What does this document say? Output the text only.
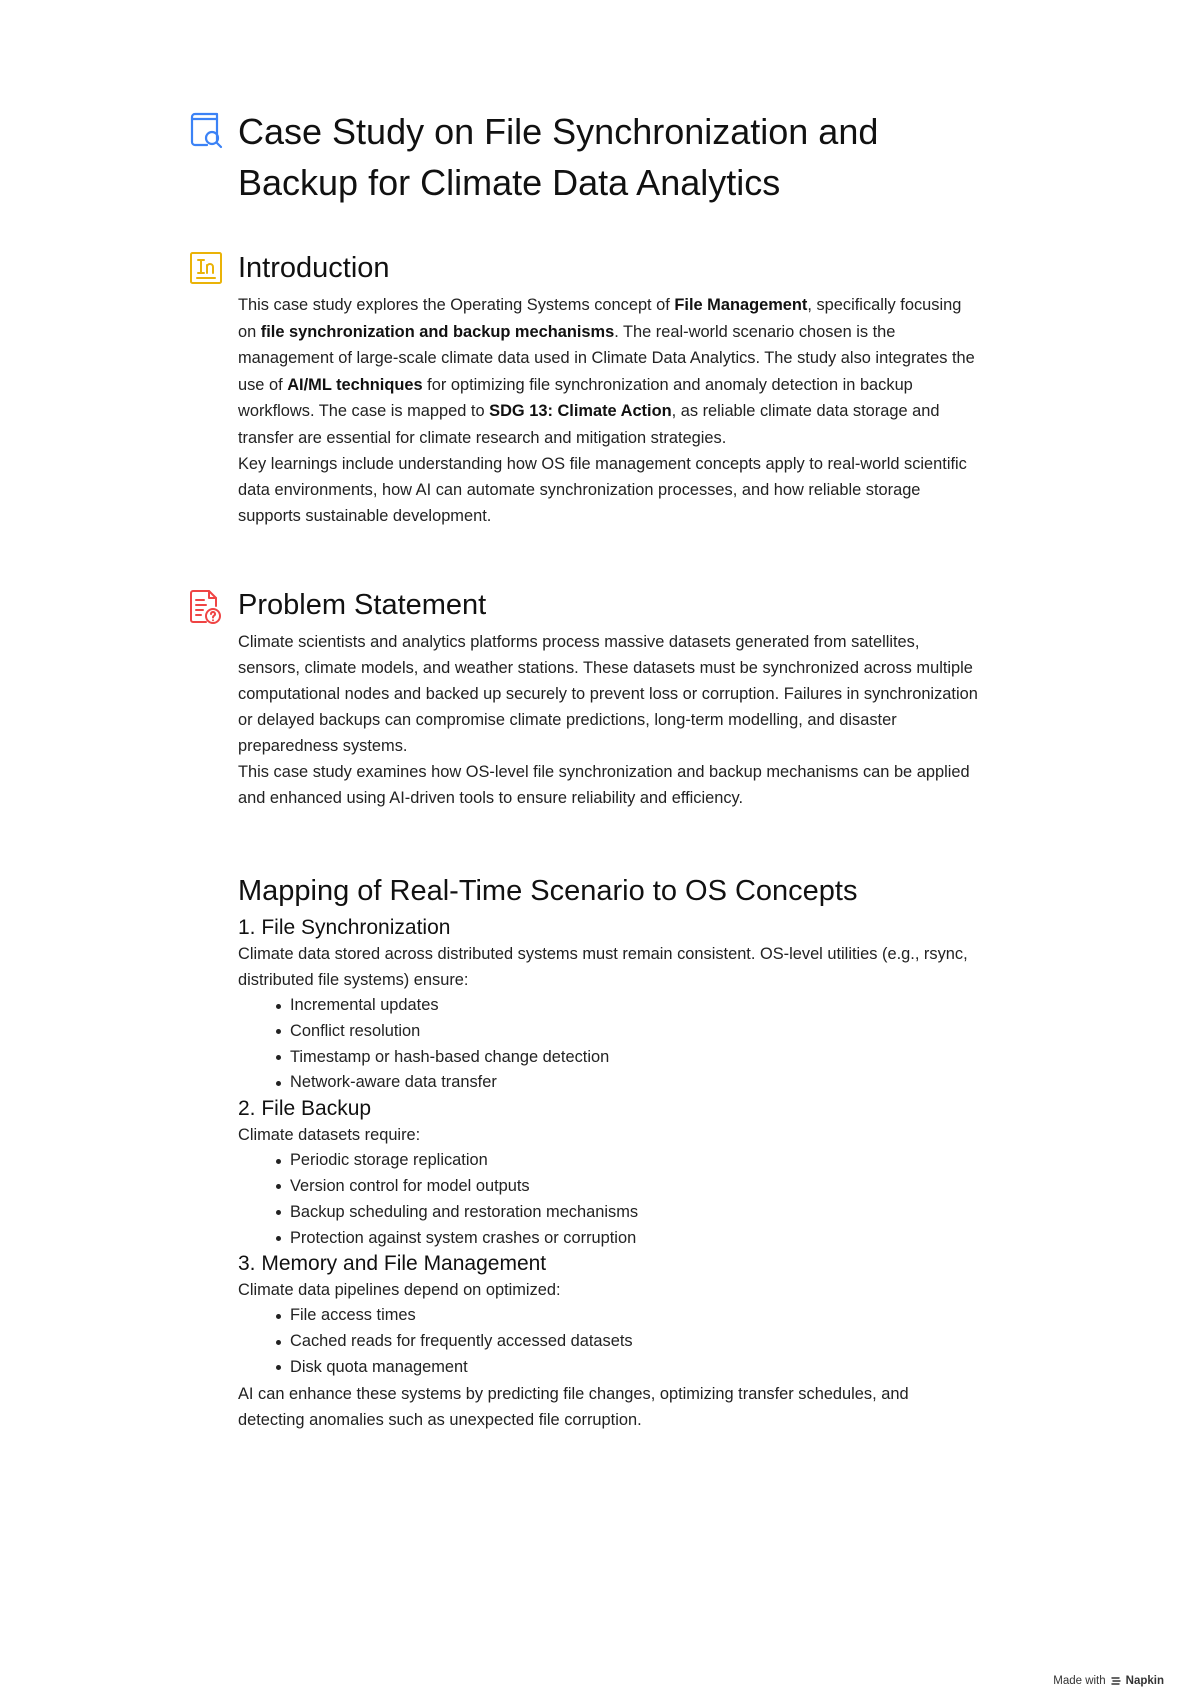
Case Study on File Synchronization and Backup for Climate Data Analytics
Introduction

This case study explores the Operating Systems concept of File Management, specifically focusing on file synchronization and backup mechanisms. The real-world scenario chosen is the management of large-scale climate data used in Climate Data Analytics. The study also integrates the use of AI/ML techniques for optimizing file synchronization and anomaly detection in backup workflows. The case is mapped to SDG 13: Climate Action, as reliable climate data storage and transfer are essential for climate research and mitigation strategies.

Key learnings include understanding how OS file management concepts apply to real-world scientific data environments, how AI can automate synchronization processes, and how reliable storage supports sustainable development.

Problem Statement

Climate scientists and analytics platforms process massive datasets generated from satellites, sensors, climate models, and weather stations. These datasets must be synchronized across multiple computational nodes and backed up securely to prevent loss or corruption. Failures in synchronization or delayed backups can compromise climate predictions, long-term modelling, and disaster preparedness systems.

This case study examines how OS-level file synchronization and backup mechanisms can be applied and enhanced using AI-driven tools to ensure reliability and efficiency.

Mapping of Real-Time Scenario to OS Concepts
1. File Synchronization

Climate data stored across distributed systems must remain consistent. OS-level utilities (e.g., rsync, distributed file systems) ensure:

Incremental updates
Conflict resolution
Timestamp or hash-based change detection
Network-aware data transfer
2. File Backup

Climate datasets require:

Periodic storage replication
Version control for model outputs
Backup scheduling and restoration mechanisms
Protection against system crashes or corruption
3. Memory and File Management

Climate data pipelines depend on optimized:

File access times
Cached reads for frequently accessed datasets
Disk quota management

AI can enhance these systems by predicting file changes, optimizing transfer schedules, and detecting anomalies such as unexpected file corruption.

Made with Napkin
